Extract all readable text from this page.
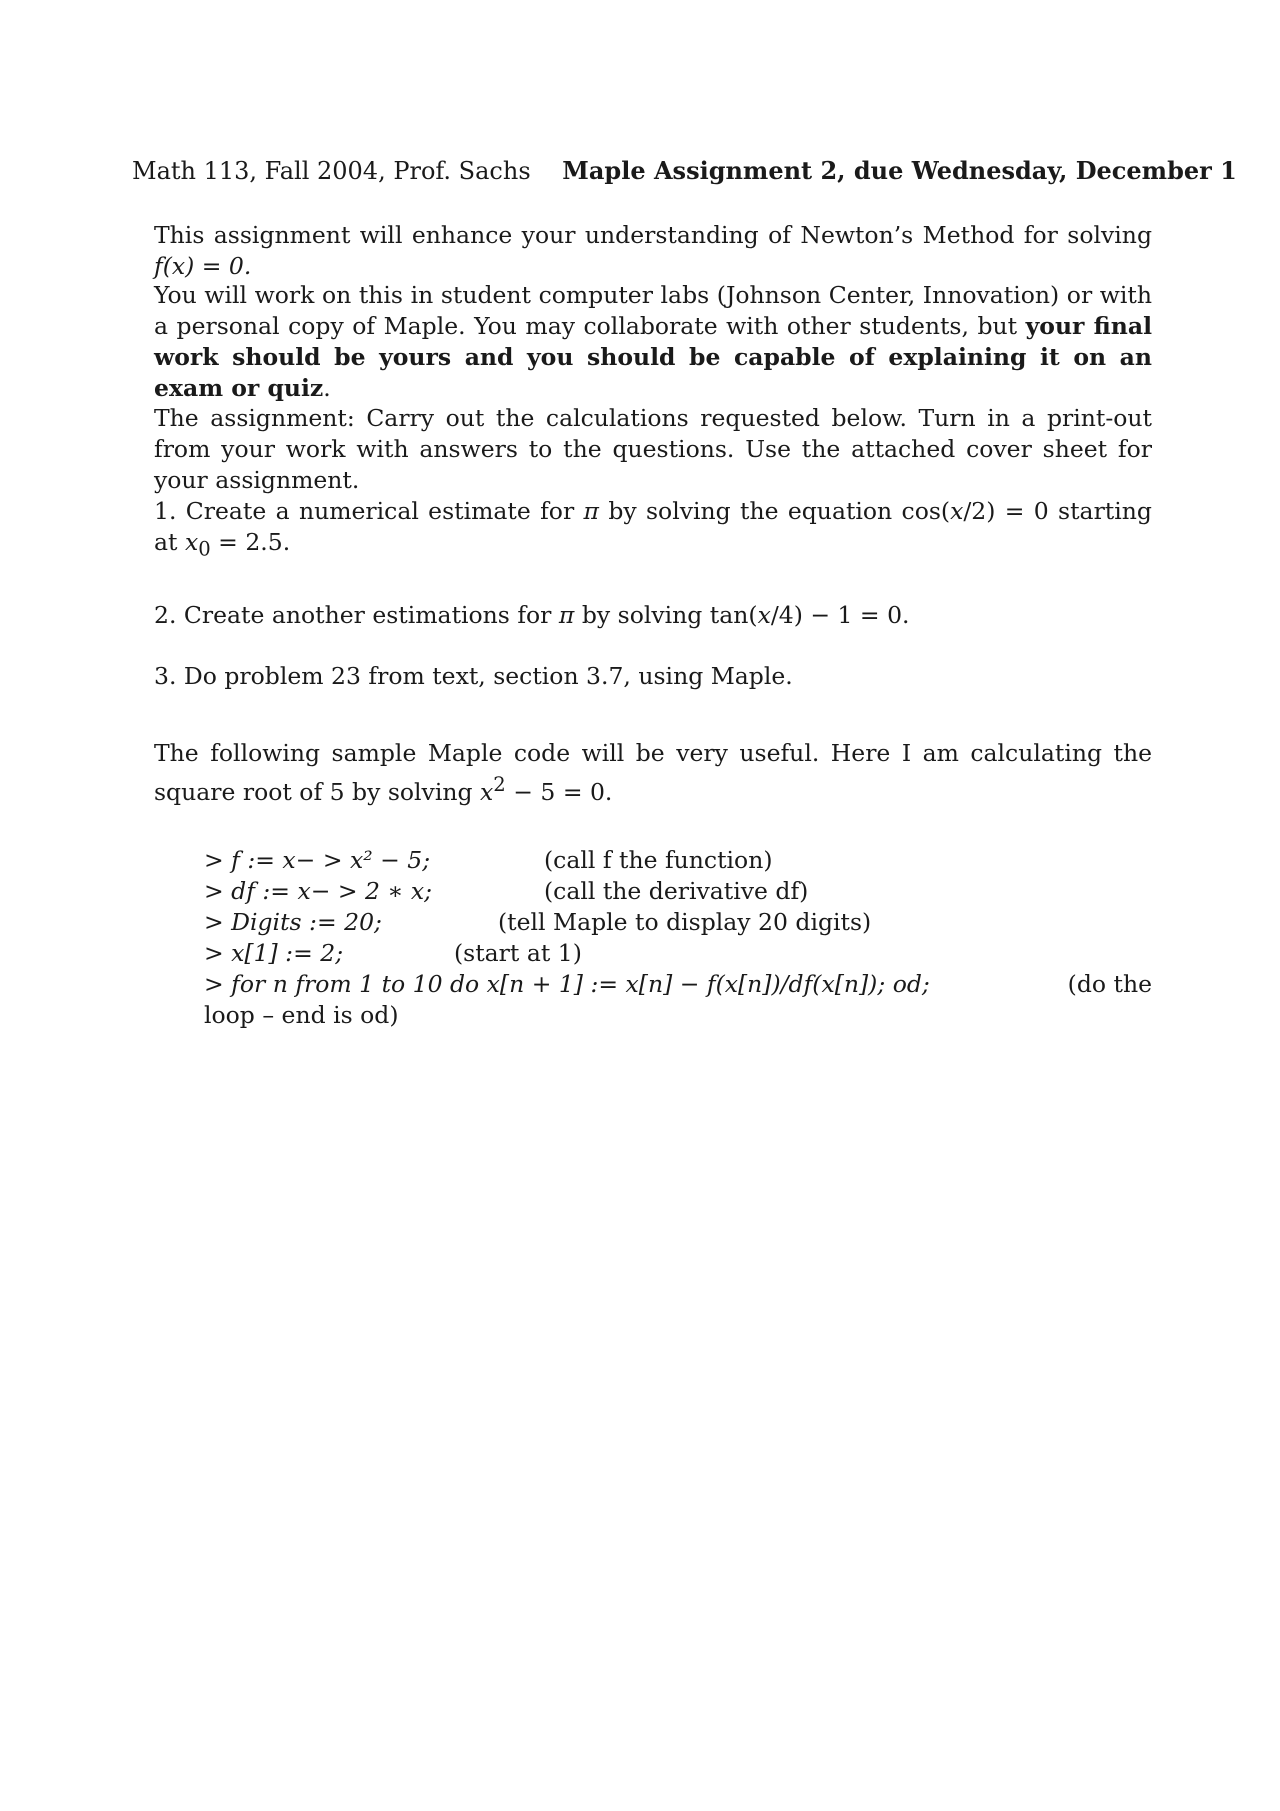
Math 113, Fall 2004, Prof. Sachs Maple Assignment 2, due Wednesday, December 1
This assignment will enhance your understanding of Newton’s Method for solving f(x) = 0.
You will work on this in student computer labs (Johnson Center, Innovation) or with a personal copy of Maple. You may collaborate with other students, but your final work should be yours and you should be capable of explaining it on an exam or quiz.
The assignment: Carry out the calculations requested below. Turn in a print-out from your work with answers to the questions. Use the attached cover sheet for your assignment.
1. Create a numerical estimate for π by solving the equation cos(x/2) = 0 starting at $x_0 = 2.5$.
2. Create another estimations for π by solving tan(x/4) − 1 = 0.
3. Do problem 23 from text, section 3.7, using Maple.
The following sample Maple code will be very useful. Here I am calculating the square root of 5 by solving $x^2 - 5 = 0$.
> f := x− > x² − 5;	(call f the function)
> df := x− > 2 ∗ x;	(call the derivative df)
> Digits := 20;	(tell Maple to display 20 digits)
> x[1] := 2;	(start at 1)
> for n from 1 to 10 do x[n + 1] := x[n] − f(x[n])/df(x[n]); od;	(do the
loop – end is od)
